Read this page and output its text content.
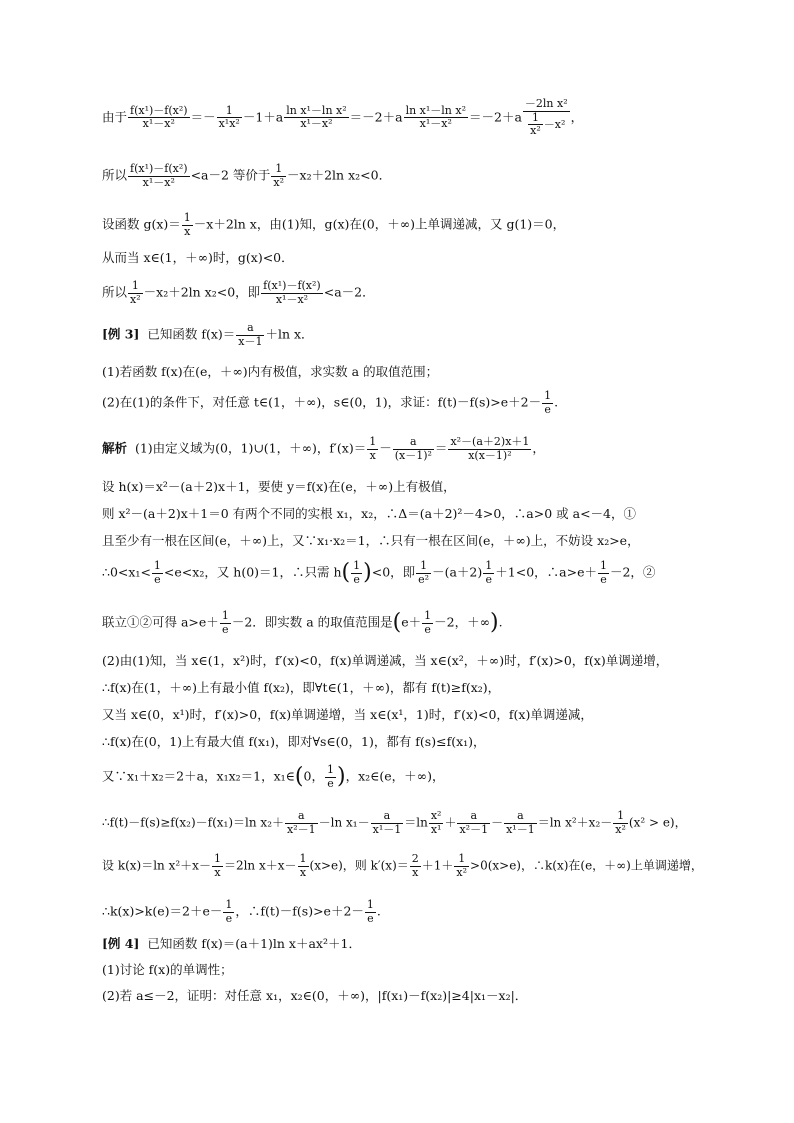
由于 $\frac{\text{f(x¹)－f(x²)}}{\text{x¹－x²}} =- \frac{1}{\text{x¹x²}} -1+a \frac{\text{ln x¹－ln x²}}{\text{x¹－x²}} =-2+a \frac{\text{ln x¹－ln x²}}{\text{x¹－x²}} =-2+a \frac{\text{－2ln x²}}{\frac{1}{\text{x²}} -x^2}$ ，
所以 $\frac{\text{f(x¹)－f(x²)}}{\text{x¹－x²}} <a-2$ 等价于 $\frac{1}{\text{x²}} -x_2+2\ln$ x₂<0．
设函数 $g(x)= \frac{1}{x} -x+2\ln$ x，由(1)知，g(x)在(0，＋∞)上单调递减，又 g(1)＝0，
从而当 x∈(1，＋∞)时，g(x)<0．
所以 $\frac{1}{\text{x²}} -x_2+2\ln$ x₂<0，即 $\frac{\text{f(x¹)－f(x²)}}{\text{x¹－x²}} <a-2$．
[例 3] 已知函数 $f(x)= \frac{a}{x-1} +\ln$ x．
(1)若函数 f(x)在(e，＋∞)内有极值，求实数 a 的取值范围；
(2)在(1)的条件下，对任意 t∈(1，＋∞)，s∈(0，1)，求证：$f(t)-f(s)>e+2- \frac{1}{e}$ .
解析 (1)由定义域为(0，1)∪(1，＋∞)，$f'(x)= \frac{1}{x} - \frac{a}{\text{(x－1)²}} = \frac{\text{x²－(a＋2)x＋1}}{\text{x(x－1)²}}$ ，
设 h(x)＝x²－(a＋2)x＋1，要使 y＝f(x)在(e，＋∞)上有极值，
则 x²－(a＋2)x＋1＝0 有两个不同的实根 x₁，x₂，∴Δ＝(a＋2)²－4>0，∴a>0 或 a<－4，①
且至少有一根在区间(e，＋∞)上，又∵x₁·x₂＝1，∴只有一根在区间(e，＋∞)上，不妨设 x₂>e，
∴0<x₁< $\frac{1}{e} <e<x_2$，又 h(0)＝1，∴只需 $h( \frac{1}{e} )<0$，即 $\frac{1}{\text{e²}} -(a+2) \frac{1}{e} +1<0$，∴a>e＋ $\frac{1}{e} -2$，②
联立①②可得 $a>e+ \frac{1}{e} -2$．即实数 a 的取值范围是($e+ \frac{1}{e} -2$，＋∞).
(2)由(1)知，当 x∈(1，x²)时，f′(x)<0，f(x)单调递减，当 x∈(x²，＋∞)时，f′(x)>0，f(x)单调递增，
∴f(x)在(1，＋∞)上有最小值 f(x₂)，即∀t∈(1，＋∞)，都有 f(t)≥f(x₂)，
又当 x∈(0，x¹)时，f′(x)>0，f(x)单调递增，当 x∈(x¹，1)时，f′(x)<0，f(x)单调递减，
∴f(x)在(0，1)上有最大值 f(x₁)，即对∀s∈(0，1)，都有 f(s)≤f(x₁)，
又∵x₁＋x₂＝2＋a，x₁x₂＝1，x₁∈(0， $\frac{1}{e}$ )，x₂∈(e，＋∞)，
∴f(t)－f(s)≥f(x₂)－f(x₁)＝ln $x_2+ \frac{a}{\text{x²－1}} -\ln$ $x_1- \frac{a}{\text{x¹－1}} =\ln \frac{\text{x²}}{\text{x¹}} + \frac{a}{\text{x²－1}} - \frac{a}{\text{x¹－1}} =\ln$ $x^2+x_2- \frac{1}{\text{x²}} (x^2 > e)$，
设 k(x)＝ln $x^2+x- \frac{1}{x} =2\ln$ $x+x- \frac{1}{x} (x>e)$，则 $k'(x)= \frac{2}{x} +1+ \frac{1}{\text{x²}} >0(x>e)$，∴k(x)在(e，＋∞)上单调递增，
∴k(x)>k(e)＝2＋e－ $\frac{1}{e}$ ，∴f(t)－f(s)>e＋2－ $\frac{1}{e}$ .
[例 4] 已知函数 f(x)＝(a＋1)ln x＋ax²＋1．
(1)讨论 f(x)的单调性；
(2)若 a≤－2，证明：对任意 x₁，x₂∈(0，＋∞)，|f(x₁)－f(x₂)|≥4|x₁－x₂|．
